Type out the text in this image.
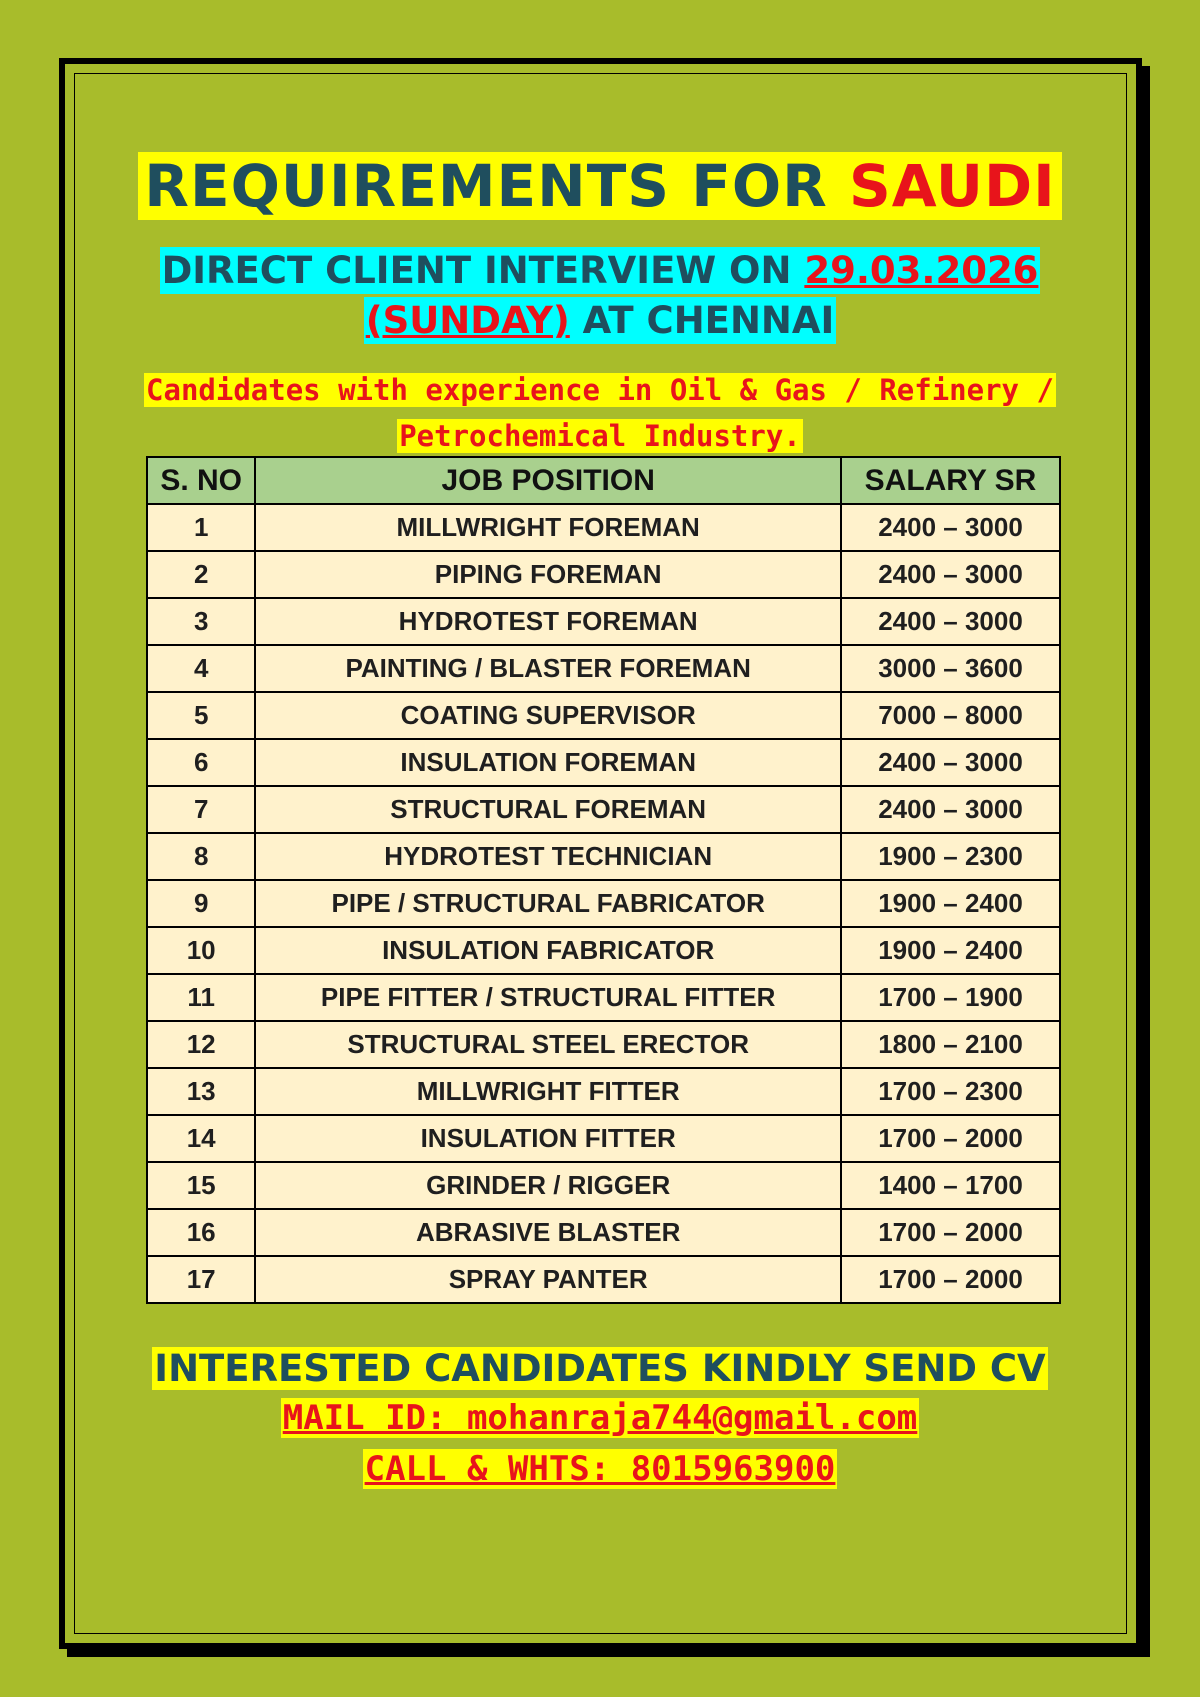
REQUIREMENTS FOR SAUDI
DIRECT CLIENT INTERVIEW ON 29.03.2026
(SUNDAY) AT CHENNAI
Candidates with experience in Oil & Gas / Refinery /
Petrochemical Industry.
S. NO	JOB POSITION	SALARY SR
1	MILLWRIGHT FOREMAN	2400 – 3000
2	PIPING FOREMAN	2400 – 3000
3	HYDROTEST FOREMAN	2400 – 3000
4	PAINTING / BLASTER FOREMAN	3000 – 3600
5	COATING SUPERVISOR	7000 – 8000
6	INSULATION FOREMAN	2400 – 3000
7	STRUCTURAL FOREMAN	2400 – 3000
8	HYDROTEST TECHNICIAN	1900 – 2300
9	PIPE / STRUCTURAL FABRICATOR	1900 – 2400
10	INSULATION FABRICATOR	1900 – 2400
11	PIPE FITTER / STRUCTURAL FITTER	1700 – 1900
12	STRUCTURAL STEEL ERECTOR	1800 – 2100
13	MILLWRIGHT FITTER	1700 – 2300
14	INSULATION FITTER	1700 – 2000
15	GRINDER / RIGGER	1400 – 1700
16	ABRASIVE BLASTER	1700 – 2000
17	SPRAY PANTER	1700 – 2000
INTERESTED CANDIDATES KINDLY SEND CV
MAIL ID: mohanraja744@gmail.com
CALL & WHTS: 8015963900
